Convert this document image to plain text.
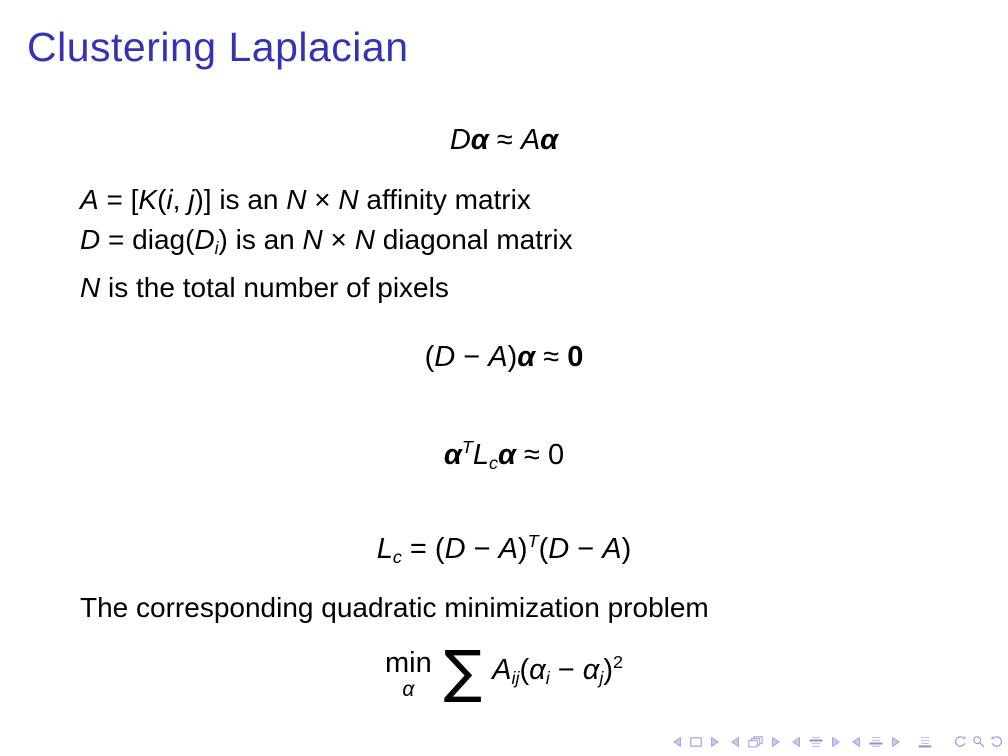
Clustering Laplacian
Dα ≈ Aα
A = [K(i, j)] is an N × N affinity matrix
D = diag(Di) is an N × N diagonal matrix
N is the total number of pixels
(D − A)α ≈ 0
$\alpha^TLc\alpha \approx 0$
$Lc = (D - A)^T(D - A)$
The corresponding quadratic minimization problem
min
α ∑ $Aij(\alpha i - \alpha j)^2$
